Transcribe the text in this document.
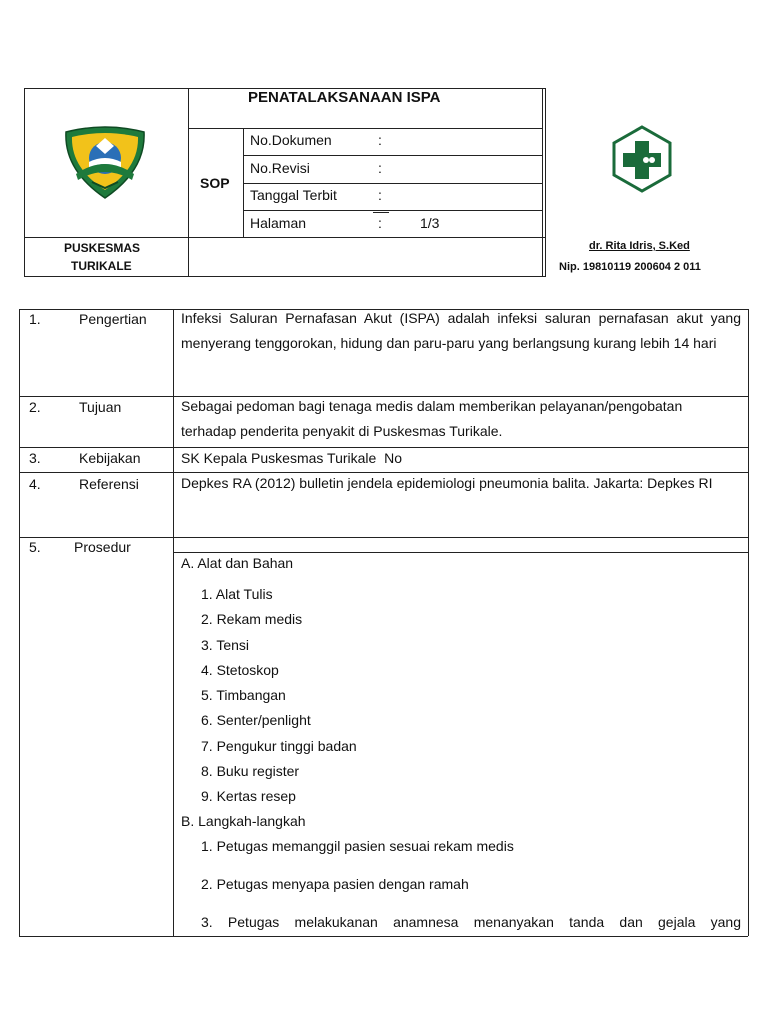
PENATALAKSANAAN ISPA
SOP
No.Dokumen	:
No.Revisi	:
Tanggal Terbit	:
Halaman	:	1/3
PUSKESMAS
TURIKALE
dr. Rita Idris, S.Ked
Nip. 19810119 200604 2 011
1.	Pengertian Infeksi Saluran Pernafasan Akut (ISPA) adalah infeksi saluran pernafasan akut yang menyerang tenggorokan, hidung dan paru-paru yang berlangsung kurang lebih 14 hari
2.	Tujuan	Sebagai pedoman bagi tenaga medis dalam memberikan pelayanan/pengobatan terhadap penderita penyakit di Puskesmas Turikale.
3.	Kebijakan	SK Kepala Puskesmas Turikale  No
4.	Referensi	Depkes RA (2012) bulletin jendela epidemiologi pneumonia balita. Jakarta: Depkes RI
5. Prosedur
A. Alat dan Bahan
1. Alat Tulis
2. Rekam medis
3. Tensi
4. Stetoskop
5. Timbangan
6. Senter/penlight
7. Pengukur tinggi badan
8. Buku register
9. Kertas resep
B. Langkah-langkah
1. Petugas memanggil pasien sesuai rekam medis
2. Petugas menyapa pasien dengan ramah
3. Petugas melakukanan anamnesa menanyakan tanda dan gejala yang
